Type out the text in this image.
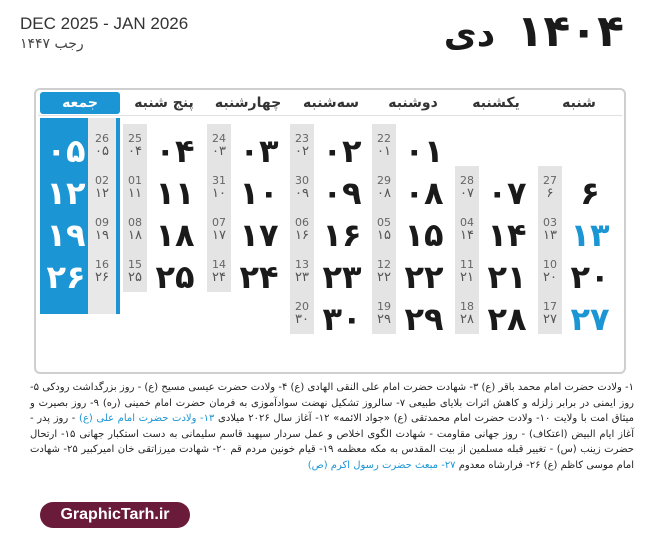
DEC 2025 - JAN 2026
رجب ۱۴۴۷	۱۴۰۴ دی
شنبه
یکشنبه
دوشنبه
سه‌شنبه
چهارشنبه
پنج شنبه
جمعه
27
۶ ۶
03
۱۳ ۱۳
10
۲۰ ۲۰
17
۲۷ ۲۷
28
۰۷ ۰۷
04
۱۴ ۱۴
11
۲۱ ۲۱
18
۲۸ ۲۸
22
۰۱ ۰۱
29
۰۸ ۰۸
05
۱۵ ۱۵
12
۲۲ ۲۲
19
۲۹ ۲۹
23
۰۲ ۰۲
30
۰۹ ۰۹
06
۱۶ ۱۶
13
۲۳ ۲۳
20
۳۰ ۳۰
24
۰۳ ۰۳
31
۱۰ ۱۰
07
۱۷ ۱۷
14
۲۴ ۲۴
25
۰۴ ۰۴
01
۱۱ ۱۱
08
۱۸ ۱۸
15
۲۵ ۲۵
26
۰۵
۰۵
02
۱۲
۱۲
09
۱۹
۱۹
16
۲۶
۲۶
۱- ولادت حضرت امام محمد باقر (ع) ۳- شهادت حضرت امام علی النقی الهادی (ع) ۴- ولادت حضرت عیسی مسیح (ع) - روز بزرگداشت رودکی ۵- روز ایمنی در برابر زلزله و کاهش اثرات بلایای طبیعی ۷- سالروز تشکیل نهضت سوادآموزی به فرمان حضرت امام خمینی (ره) ۹- روز بصیرت و میثاق امت با ولایت ۱۰- ولادت حضرت امام محمدتقی (ع) «جواد الائمه» ۱۲- آغاز سال ۲۰۲۶ میلادی ۱۳- ولادت حضرت امام علی (ع) - روز پدر - آغاز ایام البیض (اعتکاف) - روز جهانی مقاومت - شهادت الگوی اخلاص و عمل سردار سپهبد قاسم سلیمانی به دست استکبار جهانی ۱۵- ارتحال حضرت زینب (س) - تغییر قبله مسلمین از بیت المقدس به مکه معظمه ۱۹- قیام خونین مردم قم ۲۰- شهادت میرزاتقی خان امیرکبیر ۲۵- شهادت امام موسی کاظم (ع) ۲۶- فرارشاه معدوم ۲۷- مبعث حضرت رسول اکرم (ص)
GraphicTarh.ir
